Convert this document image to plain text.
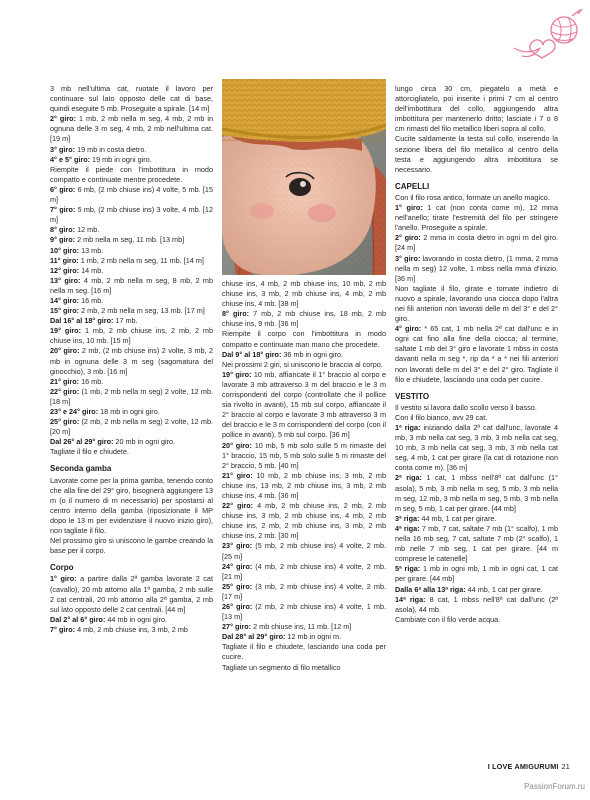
3 mb nell'ultima cat, ruotate il lavoro per continuare sul lato opposto delle cat di base, quindi eseguite 5 mb. Proseguite a spirale. [14 m]

2° giro: 1 mb, 2 mb nella m seg, 4 mb, 2 mb in ognuna delle 3 m seg, 4 mb, 2 mb nell'ultima cat. [19 m]

3° giro: 19 mb in costa dietro.

4° e 5° giro: 19 mb in ogni giro.

Riempite il piede con l'imbottitura in modo compatto e continuate mentre procedete.

6° giro: 6 mb, (2 mb chiuse ins) 4 volte, 5 mb. [15 m]

7° giro: 5 mb, (2 mb chiuse ins) 3 volte, 4 mb. [12 m]

8° giro: 12 mb.

9° giro: 2 mb nella m seg, 11 mb. [13 mb]

10° giro: 13 mb.

11° giro: 1 mb, 2 mb nella m seg, 11 mb. [14 m]

12° giro: 14 mb.

13° giro: 4 mb, 2 mb nella m seg, 8 mb, 2 mb nella m seg. [16 m]

14° giro: 16 mb.

15° giro: 2 mb, 2 mb nella m seg, 13 mb. [17 m]

Dal 16° al 18° giro: 17 mb.

19° giro: 1 mb, 2 mb chiuse ins, 2 mb, 2 mb chiuse ins, 10 mb. [15 m]

20° giro: 2 mb, (2 mb chiuse ins) 2 volte, 3 mb, 2 mb in ognuna delle 3 m seg (sagomatura del ginocchio), 3 mb. [16 m]

21° giro: 16 mb.

22° giro: (1 mb, 2 mb nella m seg) 2 volte, 12 mb. [18 m]

23° e 24° giro: 18 mb in ogni giro.

25° giro: (2 mb, 2 mb nella m seg) 2 volte, 12 mb. [20 m]

Dal 26° al 29° giro: 20 mb in ogni giro.

Tagliate il filo e chiudete.

Seconda gamba

Lavorate come per la prima gamba, tenendo conto che alla fine del 29° giro, bisognerà aggiungere 13 m (o il numero di m necessario) per spostarsi al centro interno della gamba (riposizionate il MP dopo le 13 m per evidenziare il nuovo inizio giro), non tagliate il filo.

Nel prossimo giro si uniscono le gambe creando la base per il corpo.

Corpo

1° giro: a partire dalla 2ª gamba lavorate 2 cat (cavallo), 20 mb attorno alla 1ª gamba, 2 mb sulle 2 cat centrali, 20 mb attorno alla 2ª gamba, 2 mb sul lato opposto delle 2 cat centrali. [44 m]

Dal 2° al 6° giro: 44 mb in ogni giro.

7° giro: 4 mb, 2 mb chiuse ins, 3 mb, 2 mb

chiuse ins, 4 mb, 2 mb chiuse ins, 10 mb, 2 mb chiuse ins, 3 mb, 2 mb chiuse ins, 4 mb, 2 mb chiuse ins, 4 mb. [38 m]

8° giro: 7 mb, 2 mb chiuse ins, 18 mb, 2 mb chiuse ins, 9 mb. [36 m]

Riempite il corpo con l'imbottitura in modo compatto e continuate man mano che procedete.

Dal 9° al 18° giro: 36 mb in ogni giro.

Nei prossimi 2 giri, si uniscono le braccia al corpo.

19° giro: 10 mb, affiancate il 1° braccio al corpo e lavorate 3 mb attraverso 3 m del braccio e le 3 m corrispondenti del corpo (controllate che il pollice sia rivolto in avanti), 15 mb sul corpo, affiancate il 2° braccio al corpo e lavorate 3 mb attraverso 3 m del braccio e le 3 m corrispondenti del corpo (con il pollice in avanti), 5 mb sul corpo. [36 m]

20° giro: 10 mb, 5 mb solo sulle 5 m rimaste del 1° braccio, 15 mb, 5 mb solo sulle 5 m rimaste del 2° braccio, 5 mb. [40 m]

21° giro: 10 mb, 2 mb chiuse ins, 3 mb, 2 mb chiuse ins, 13 mb, 2 mb chiuse ins, 3 mb, 2 mb chiuse ins, 4 mb. [36 m]

22° giro: 4 mb, 2 mb chiuse ins, 2 mb, 2 mb chiuse ins, 3 mb, 2 mb chiuse ins, 4 mb, 2 mb chiuse ins, 2 mb, 2 mb chiuse ins, 3 mb, 2 mb chiuse ins, 2 mb. [30 m]

23° giro: (5 mb, 2 mb chiuse ins) 4 volte, 2 mb. [25 m]

24° giro: (4 mb, 2 mb chiuse ins) 4 volte, 2 mb. [21 m]

25° giro: (3 mb, 2 mb chiuse ins) 4 volte, 2 mb. [17 m]

26° giro: (2 mb, 2 mb chiuse ins) 4 volte, 1 mb. [13 m]

27° giro: 2 mb chiuse ins, 11 mb. [12 m]

Dal 28° al 29° giro: 12 mb in ogni m.

Tagliate il filo e chiudete, lasciando una coda per cucire.

Tagliate un segmento di filo metallico

lungo circa 30 cm, piegatelo a metà e attorcigliatelo, poi inserite i primi 7 cm al centro dell'imbottitura del collo, aggiungendo altra imbottitura per mantenerlo dritto; lasciate i 7 o 8 cm rimasti del filo metallico liberi sopra al collo.

Cucite saldamente la testa sul collo, inserendo la sezione libera del filo metallico al centro della testa e aggiungendo altra imbottitura se necessario.

CAPELLI

Con il filo rosa antico, formate un anello magico.

1° giro: 1 cat (non conta come m), 12 mma nell'anello; tirate l'estremità del filo per stringere l'anello. Proseguite a spirale.

2° giro: 2 mma in costa dietro in ogni m del giro. [24 m]

3° giro: lavorando in costa dietro, (1 mma, 2 mma nella m seg) 12 volte, 1 mbss nella mma d'inizio. [36 m]

Non tagliate il filo, girate e tornate indietro di nuovo a spirale, lavorando una ciocca dopo l'altra nei fili anteriori non lavorati delle m del 3° e del 2° giro.

4° giro: * 65 cat, 1 mb nella 2ª cat dall'unc e in ogni cat fino alla fine della ciocca; al termine, saltate 1 mb del 3° giro e lavorate 1 mbss in costa davanti nella m seg *, rip da * a * nei fili anteriori non lavorati delle m del 3° e del 2° giro. Tagliate il filo e chiudete, lasciando una coda per cucire.

VESTITO

Il vestito si lavora dallo scollo verso il basso.

Con il filo bianco, avv 29 cat.

1ª riga: iniziando dalla 2ª cat dall'unc, lavorate 4 mb, 3 mb nella cat seg, 3 mb, 3 mb nella cat seg, 10 mb, 3 mb nella cat seg, 3 mb, 3 mb nella cat seg, 4 mb, 1 cat per girare (la cat di rotazione non conta come m). [36 m]

2ª riga: 1 cat, 1 mbss nell'8ª cat dall'unc (1° asola), 5 mb, 3 mb nella m seg, 5 mb, 3 mb nella m seg, 12 mb, 3 mb nella m seg, 5 mb, 3 mb nella m seg, 5 mb, 1 cat per girare. [44 mb]

3ª riga: 44 mb, 1 cat per girare.

4ª riga: 7 mb, 7 cat, saltate 7 mb (1° scalfo), 1 mb nella 16 mb seg, 7 cat, saltate 7 mb (2° scalfo), 1 mb nelle 7 mb seg, 1 cat per girare. [44 m comprese le catenelle]

5ª riga: 1 mb in ogni mb, 1 mb in ogni cat, 1 cat per girare. [44 mb]

Dalla 6ª alla 13ª riga: 44 mb, 1 cat per girare.

14ª riga: 8 cat, 1 mbss nell'8ª cat dall'unc (2ª asola), 44 mb.

Cambiate con il filo verde acqua.

I LOVE AMIGURUMI 21
PassionForum.ru
